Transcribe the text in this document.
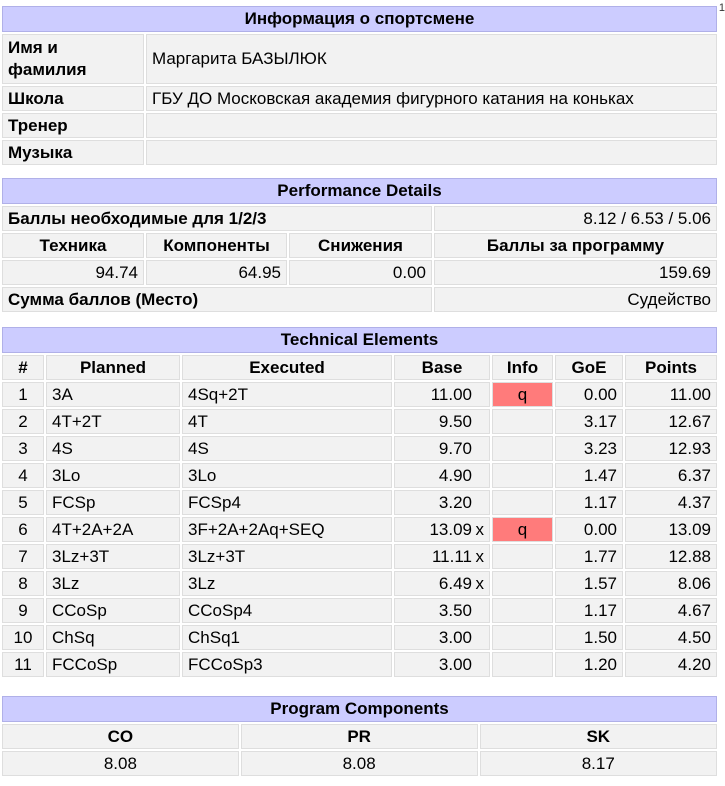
1
Информация о спортсмене	
Имя и фамилия	Маргарита БАЗЫЛЮК
Школа	ГБУ ДО Московская академия фигурного катания на коньках
Тренер	
Музыка	
Performance Details			
Баллы необходимые для 1/2/3			8.12 / 6.53 / 5.06
Техника	Компоненты	Снижения	Баллы за программу
94.74	64.95	0.00	159.69
Сумма баллов (Место)			Судейство
Technical Elements						
#	Planned	Executed	Base	Info	GoE	Points
1	3A	4Sq+2T	11.00	q	0.00	11.00
2	4T+2T	4T	9.50		3.17	12.67
3	4S	4S	9.70		3.23	12.93
4	3Lo	3Lo	4.90		1.47	6.37
5	FCSp	FCSp4	3.20		1.17	4.37
6	4T+2A+2A	3F+2A+2Aq+SEQ	13.09 x	q	0.00	13.09
7	3Lz+3T	3Lz+3T	11.11 x		1.77	12.88
8	3Lz	3Lz	6.49 x		1.57	8.06
9	CCoSp	CCoSp4	3.50		1.17	4.67
10	ChSq	ChSq1	3.00		1.50	4.50
11	FCCoSp	FCCoSp3	3.00		1.20	4.20
Program Components		
CO	PR	SK
8.08	8.08	8.17
